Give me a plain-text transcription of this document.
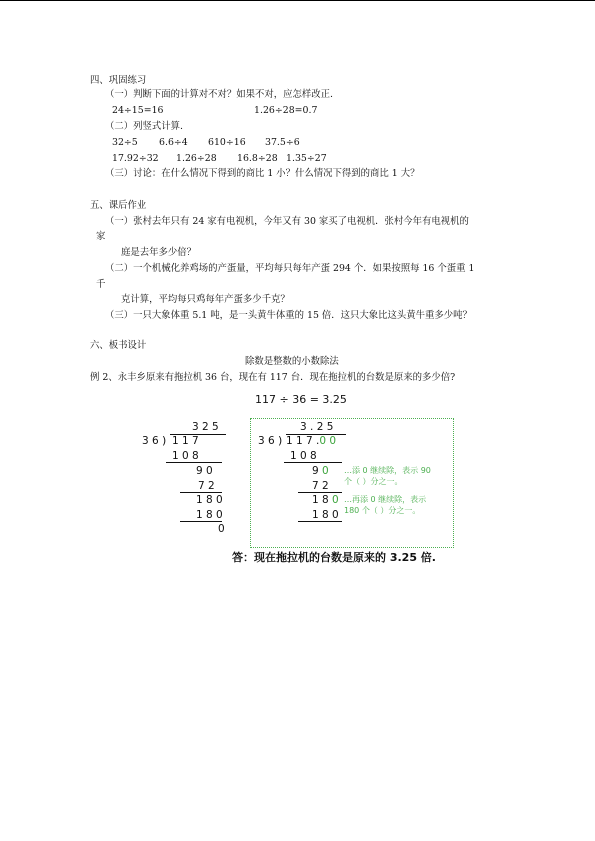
四、巩固练习
（一）判断下面的计算对不对？如果不对，应怎样改正.
24÷15=16	1.26÷28=0.7
（二）列竖式计算.
32÷5 6.6÷4 610÷16 37.5÷6
17.92÷32 1.26÷28 16.8÷28 1.35÷27
（三）讨论：在什么情况下得到的商比 1 小？什么情况下得到的商比 1 大？
五、课后作业
（一）张村去年只有 24 家有电视机，今年又有 30 家买了电视机．张村今年有电视机的
家
庭是去年多少倍？
（二）一个机械化养鸡场的产蛋量，平均每只每年产蛋 294 个．如果按照每 16 个蛋重 1
千
克计算，平均每只鸡每年产蛋多少千克？
（三）一只大象体重 5.1 吨，是一头黄牛体重的 15 倍．这只大象比这头黄牛重多少吨？
六、板书设计
除数是整数的小数除法
例 2、永丰乡原来有拖拉机 36 台，现在有 117 台．现在拖拉机的台数是原来的多少倍?
117 ÷ 36 = 3.25
3 2 5
3 6 ) 1 1 7
1 0 8
9 0
7 2
1 8 0
1 8 0
0
3 . 2 5
3 6 ) 1 1 7 .0 0
1 0 8
9 0
7 2
1 8 0
1 8 0
…添 0 继续除，表示 90
个（ ）分之一。
…再添 0 继续除，表示
180 个（ ）分之一。
答：现在拖拉机的台数是原来的 3.25 倍.
